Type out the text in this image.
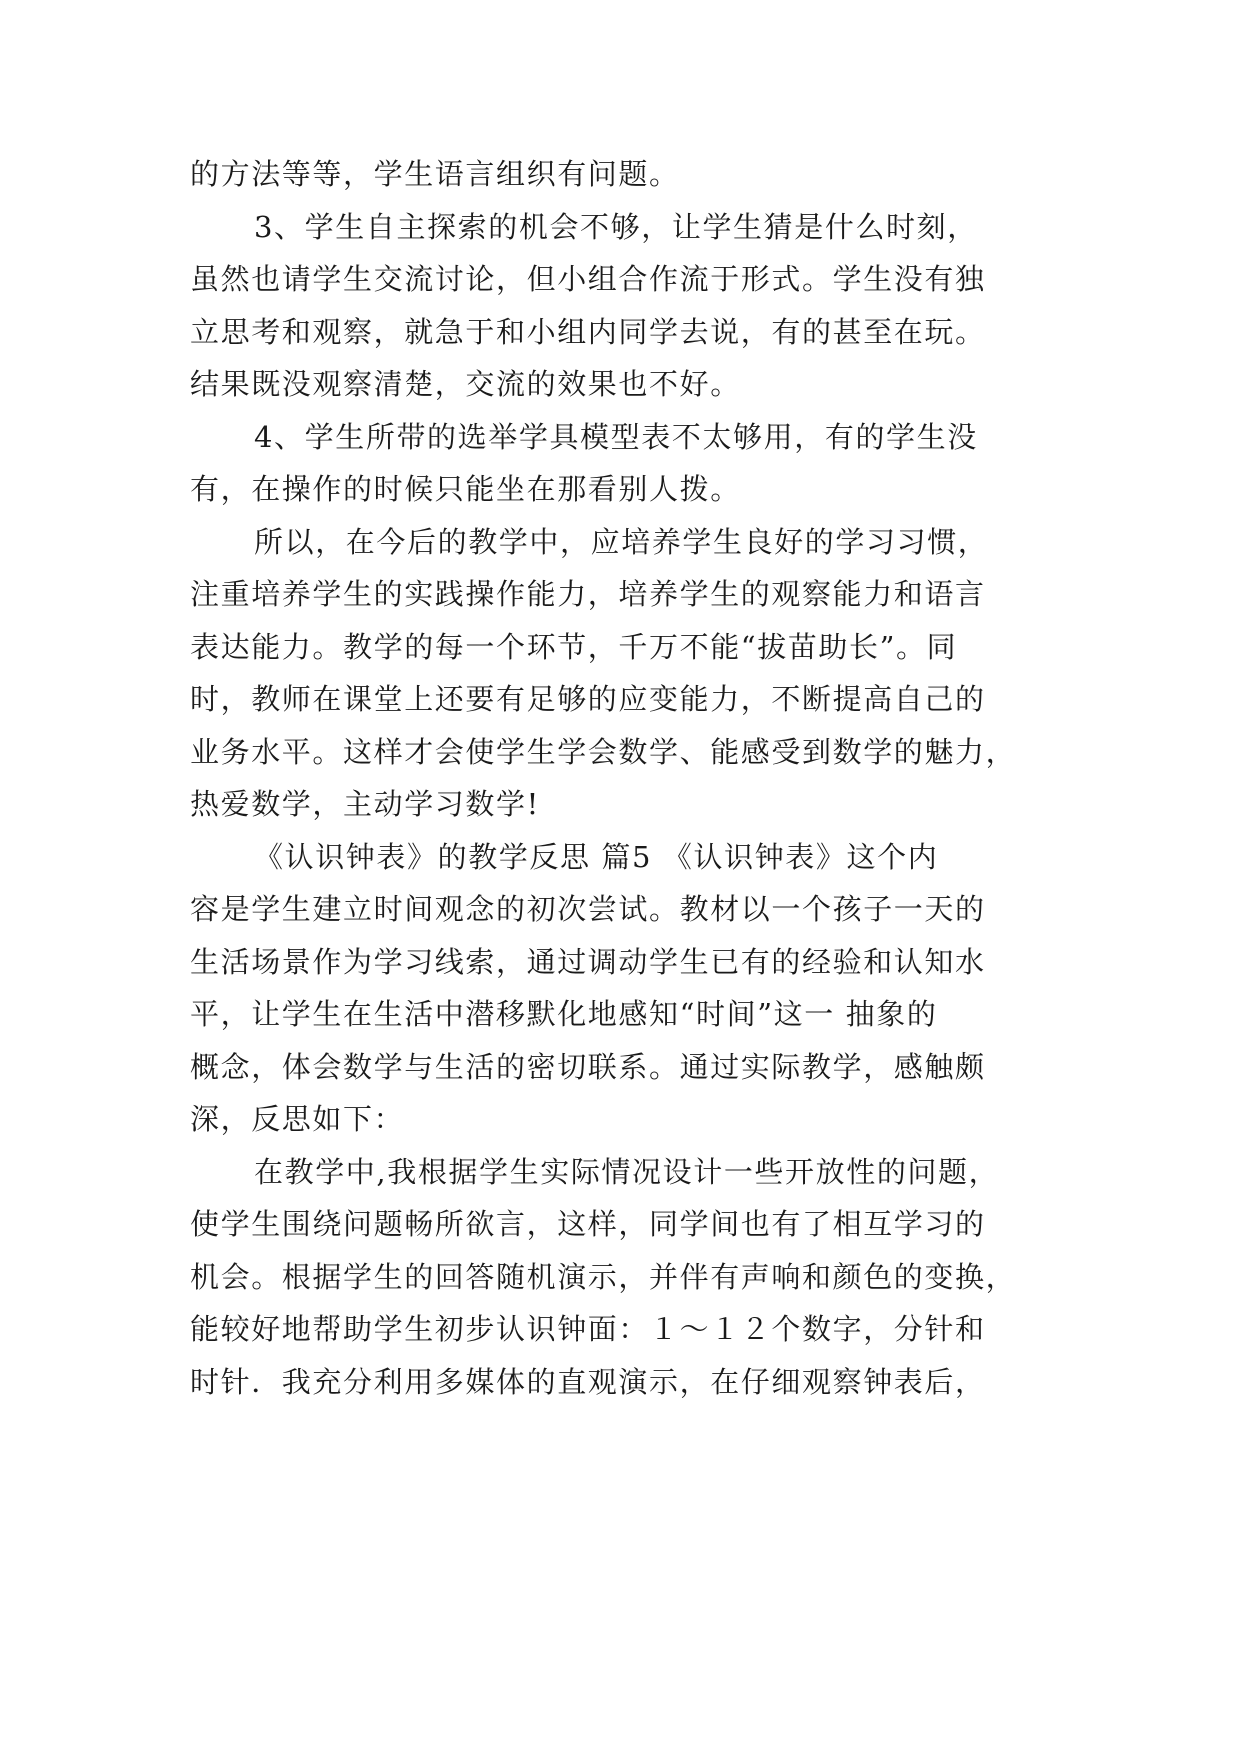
的方法等等，学生语言组织有问题。
3、学生自主探索的机会不够，让学生猜是什么时刻，
虽然也请学生交流讨论，但小组合作流于形式。学生没有独
立思考和观察，就急于和小组内同学去说，有的甚至在玩。
结果既没观察清楚，交流的效果也不好。
4、学生所带的选举学具模型表不太够用，有的学生没
有，在操作的时候只能坐在那看别人拨。
所以，在今后的教学中，应培养学生良好的学习习惯，
注重培养学生的实践操作能力，培养学生的观察能力和语言
表达能力。教学的每一个环节，千万不能“拔苗助长”。同
时，教师在课堂上还要有足够的应变能力，不断提高自己的
业务水平。这样才会使学生学会数学、能感受到数学的魅力，
热爱数学，主动学习数学!
《认识钟表》的教学反思 篇5 《认识钟表》这个内
容是学生建立时间观念的初次尝试。教材以一个孩子一天的
生活场景作为学习线索，通过调动学生已有的经验和认知水
平，让学生在生活中潜移默化地感知“时间”这一 抽象的
概念，体会数学与生活的密切联系。通过实际教学，感触颇
深，反思如下：
在教学中,我根据学生实际情况设计一些开放性的问题，
使学生围绕问题畅所欲言，这样，同学间也有了相互学习的
机会。根据学生的回答随机演示，并伴有声响和颜色的变换，
能较好地帮助学生初步认识钟面：１～１２个数字，分针和
时针．我充分利用多媒体的直观演示，在仔细观察钟表后，
